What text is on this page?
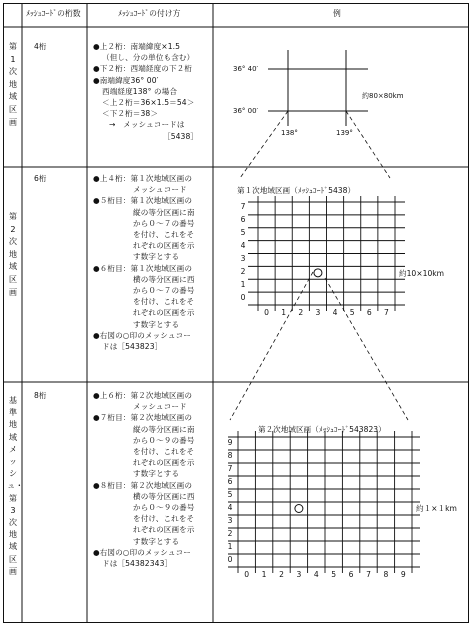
ﾒｯｼｭｺｰﾄﾞの桁数	ﾒｯｼｭｺｰﾄﾞの付け方	例
第1次地域区画
4桁	●上２桁：南端緯度×1.5
（但し、分の単位も含む）
●下２桁：西端経度の下２桁
●南端緯度36° 00′
西端経度138° の場合
＜上２桁＝36×1.5＝54＞
＜下２桁＝38＞
→　メッシュコードは
［5438］
36° 40′
36° 00′
138°	139°
約80×80km
第2次地域区画
6桁	●上４桁：第１次地域区画の
メッシュコード
●５桁目：第１次地域区画の
縦の等分区画に南
から０～７の番号
を付け、これをそ
れぞれの区画を示
す数字とする
●６桁目：第１次地域区画の
横の等分区画に西
から０～７の番号
を付け、これをそ
れぞれの区画を示
す数字とする
●右図の○印のメッシュコー
ドは［543823］
第１次地域区画（ﾒｯｼｭｺｰﾄﾞ5438）
約10×10km
7
6
5
4
3
2
1
0
0	1	2	3	4	5	6	7
基準地域メッシュ・第3次地域区画
8桁	●上６桁：第２次地域区画の
メッシュコード
●７桁目：第２次地域区画の
縦の等分区画に南
から０～９の番号
を付け、これをそ
れぞれの区画を示
す数字とする
●８桁目：第２次地域区画の
横の等分区画に西
から０～９の番号
を付け、これをそ
れぞれの区画を示
す数字とする
●右図の○印のメッシュコー
ドは［54382343］
第２次地域区画（ﾒｯｼｭｺｰﾄﾞ543823）
約１×１km
9
8
7
6
5
4
3
2
1
0
0	1	2	3	4	5	6	7	8	9
